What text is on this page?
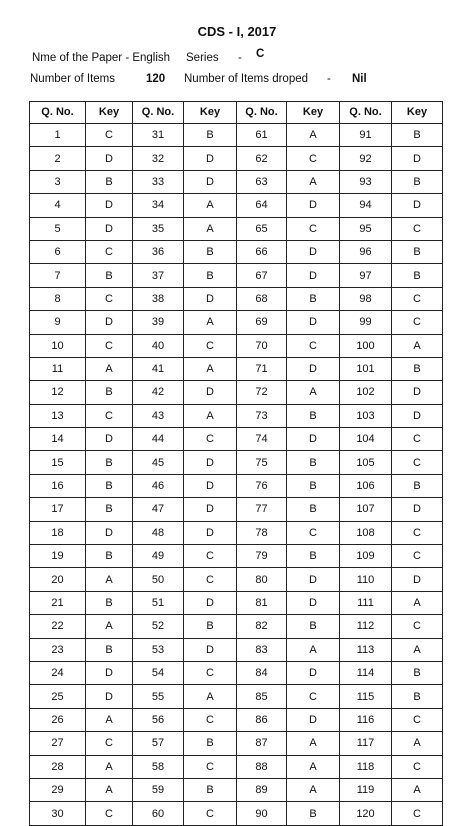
CDS - I, 2017
Nme of the Paper - English Series - C
Number of Items	120 Number of Items droped - Nil
Q. No.	Key	Q. No.	Key	Q. No.	Key	Q. No.	Key
1	C	31	B	61	A	91	B
2	D	32	D	62	C	92	D
3	B	33	D	63	A	93	B
4	D	34	A	64	D	94	D
5	D	35	A	65	C	95	C
6	C	36	B	66	D	96	B
7	B	37	B	67	D	97	B
8	C	38	D	68	B	98	C
9	D	39	A	69	D	99	C
10	C	40	C	70	C	100	A
11	A	41	A	71	D	101	B
12	B	42	D	72	A	102	D
13	C	43	A	73	B	103	D
14	D	44	C	74	D	104	C
15	B	45	D	75	B	105	C
16	B	46	D	76	B	106	B
17	B	47	D	77	B	107	D
18	D	48	D	78	C	108	C
19	B	49	C	79	B	109	C
20	A	50	C	80	D	110	D
21	B	51	D	81	D	111	A
22	A	52	B	82	B	112	C
23	B	53	D	83	A	113	A
24	D	54	C	84	D	114	B
25	D	55	A	85	C	115	B
26	A	56	C	86	D	116	C
27	C	57	B	87	A	117	A
28	A	58	C	88	A	118	C
29	A	59	B	89	A	119	A
30	C	60	C	90	B	120	C
